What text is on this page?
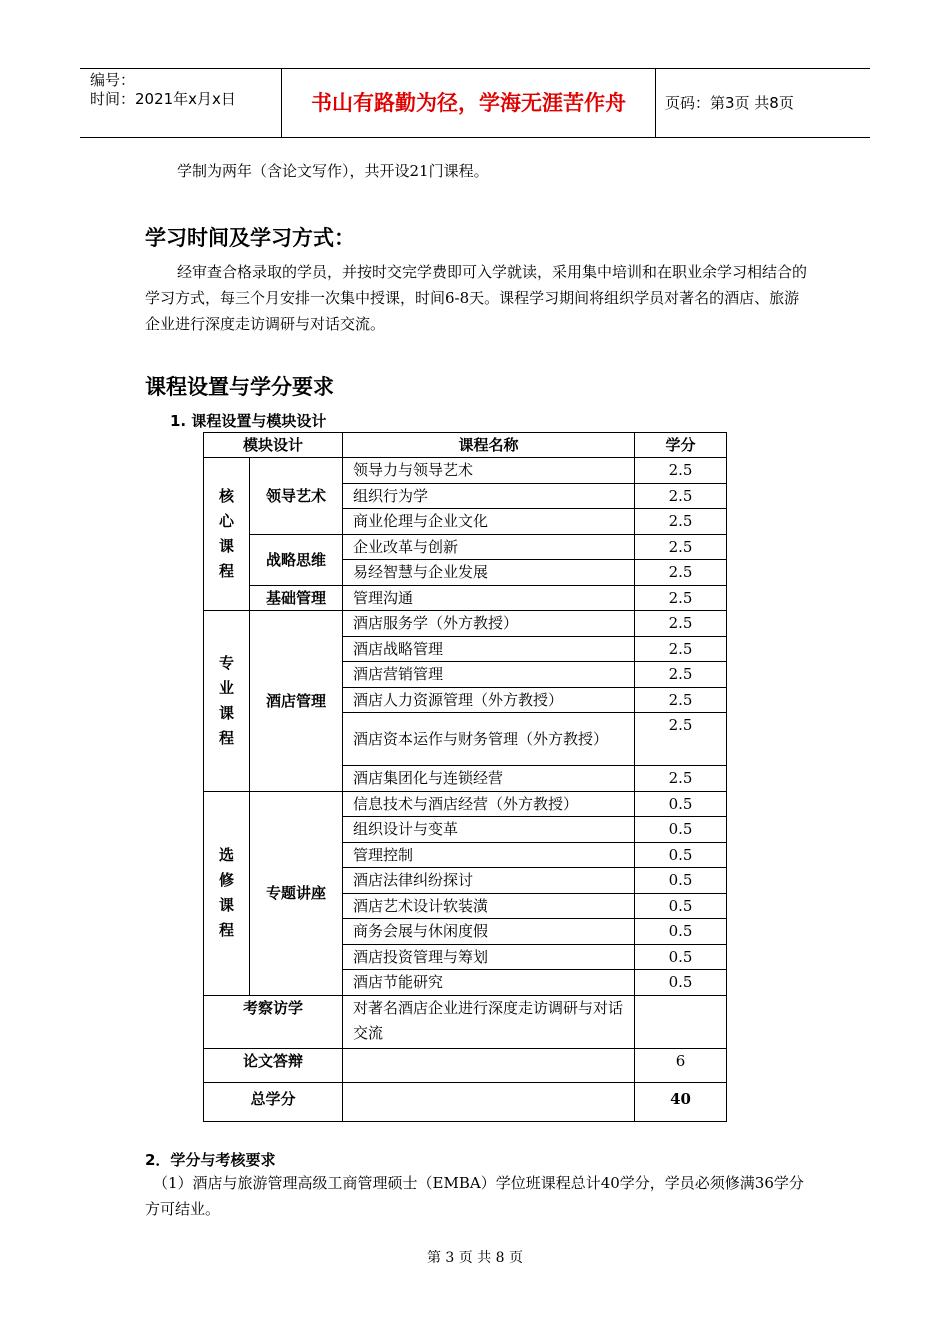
编号：
时间：2021年x月x日	书山有路勤为径，学海无涯苦作舟	页码：第3页 共8页
学制为两年（含论文写作），共开设21门课程。
学习时间及学习方式：
经审查合格录取的学员，并按时交完学费即可入学就读，采用集中培训和在职业余学习相结合的学习方式，每三个月安排一次集中授课，时间6-8天。课程学习期间将组织学员对著名的酒店、旅游企业进行深度走访调研与对话交流。
课程设置与学分要求
1. 课程设置与模块设计
模块设计		课程名称	学分

核
心
课
程	领导艺术	领导力与领导艺术	2.5
		组织行为学	2.5
		商业伦理与企业文化	2.5
	战略思维	企业改革与创新	2.5
		易经智慧与企业发展	2.5
	基础管理	管理沟通	2.5

专
业
课
程	酒店管理	酒店服务学（外方教授）	2.5
		酒店战略管理	2.5
		酒店营销管理	2.5
		酒店人力资源管理（外方教授）	2.5
		酒店资本运作与财务管理（外方教授）	2.5
		酒店集团化与连锁经营	2.5

选
修
课
程	专题讲座	信息技术与酒店经营（外方教授）	0.5
		组织设计与变革	0.5
		管理控制	0.5
		酒店法律纠纷探讨	0.5
		酒店艺术设计软装潢	0.5
		商务会展与休闲度假	0.5
		酒店投资管理与筹划	0.5
		酒店节能研究	0.5
考察访学		对著名酒店企业进行深度走访调研与对话交流	
论文答辩			6
总学分			40
2．学分与考核要求
（1）酒店与旅游管理高级工商管理硕士（EMBA）学位班课程总计40学分，学员必须修满36学分方可结业。
第 3 页 共 8 页
